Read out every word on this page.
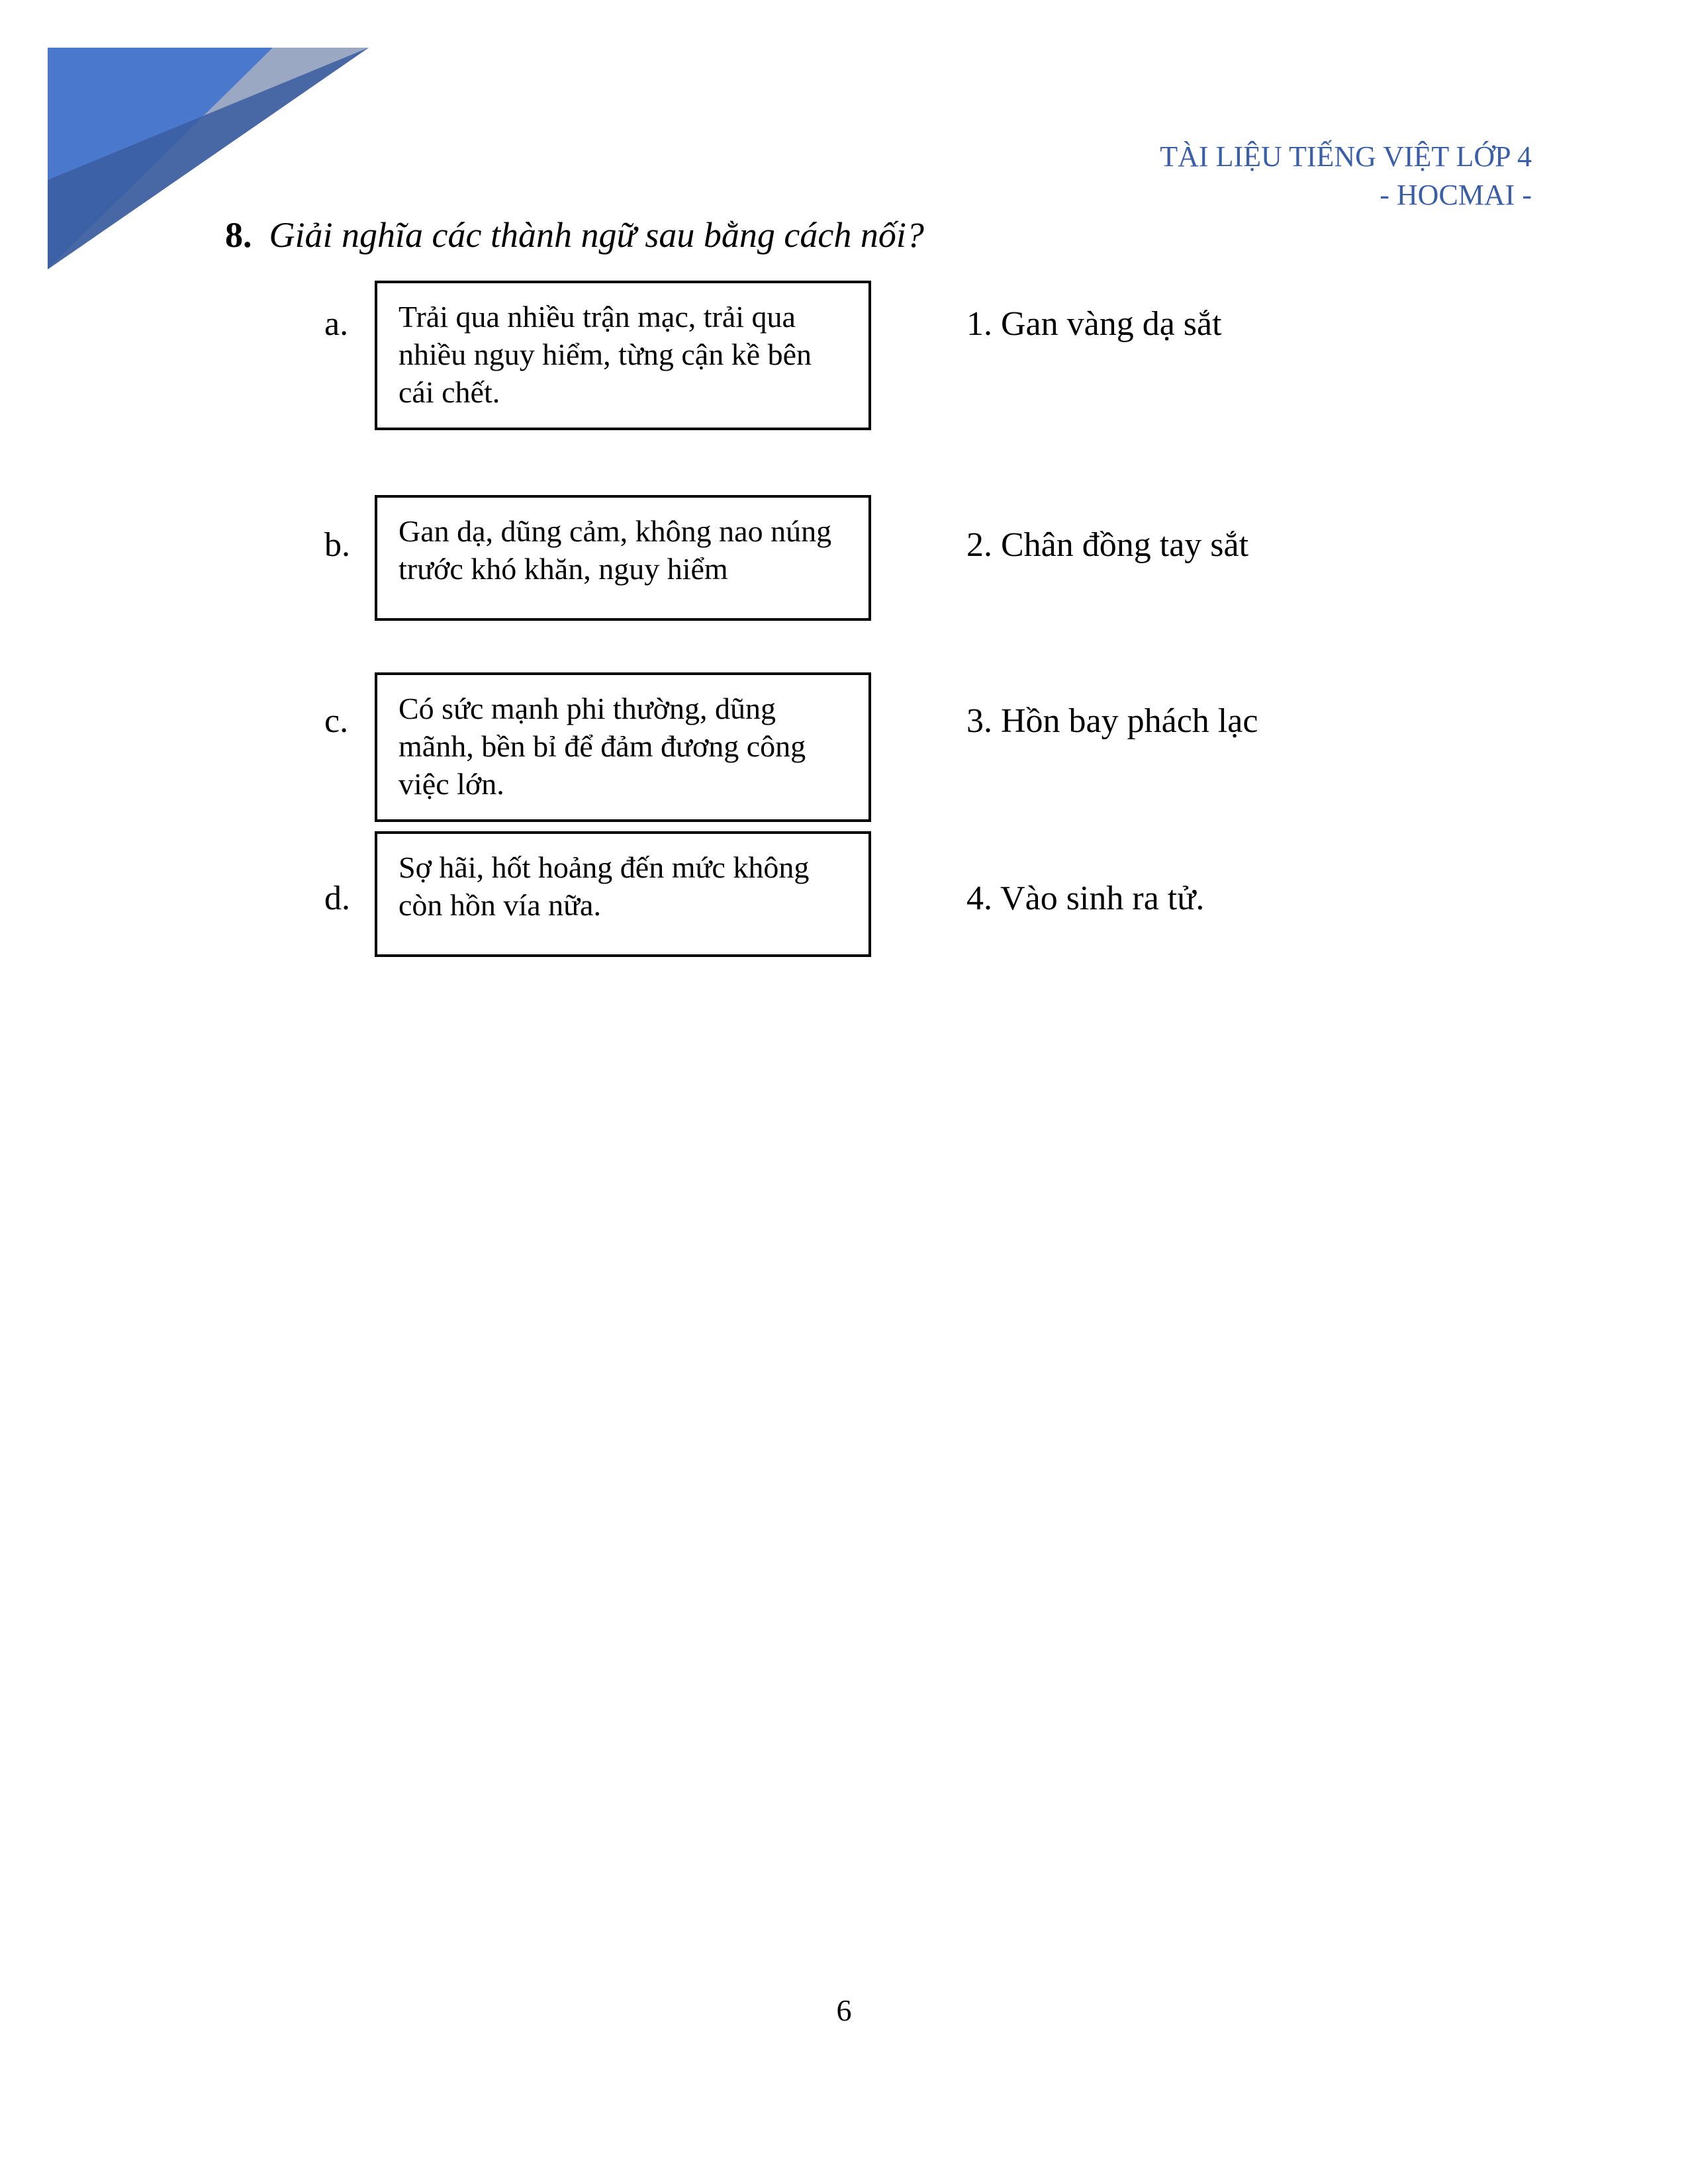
TÀI LIỆU TIẾNG VIỆT LỚP 4
- HOCMAI -
8. Giải nghĩa các thành ngữ sau bằng cách nối?
a.	Trải qua nhiều trận mạc, trải qua nhiều nguy hiểm, từng cận kề bên cái chết.
1. Gan vàng dạ sắt
b.	Gan dạ, dũng cảm, không nao núng trước khó khăn, nguy hiểm
2. Chân đồng tay sắt
c.	Có sức mạnh phi thường, dũng mãnh, bền bỉ để đảm đương công việc lớn.
3. Hồn bay phách lạc
d.
Sợ hãi, hốt hoảng đến mức không còn hồn vía nữa.	4. Vào sinh ra tử.
6
